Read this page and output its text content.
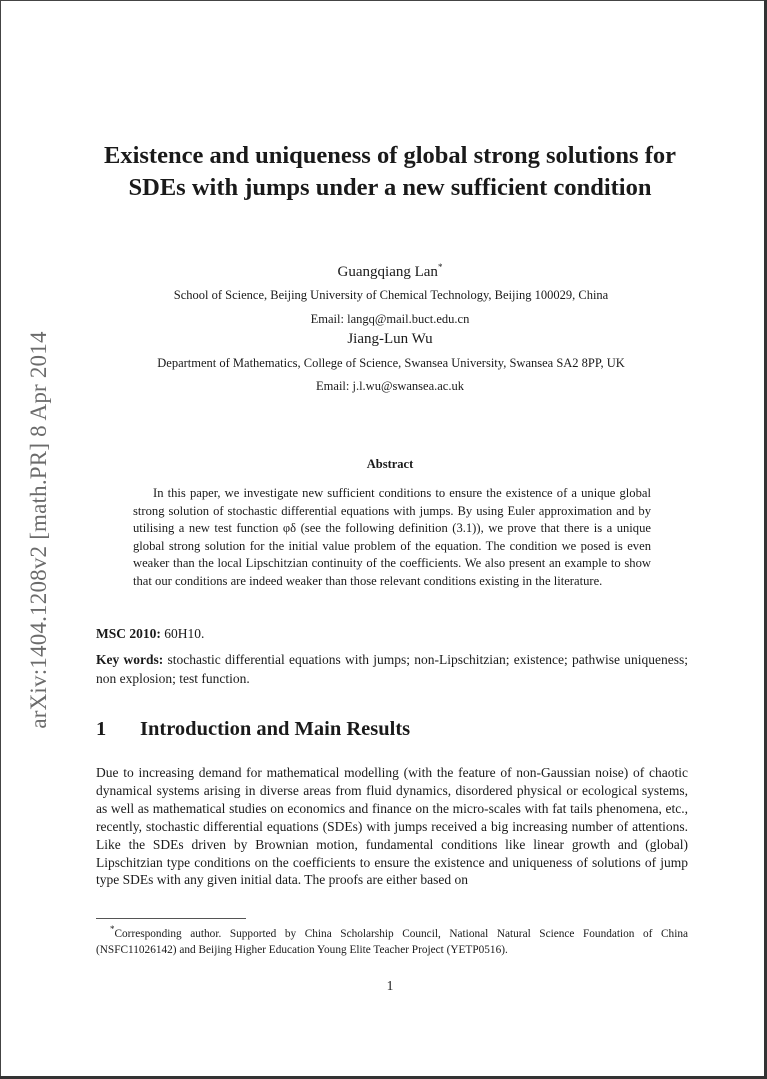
arXiv:1404.1208v2 [math.PR] 8 Apr 2014
Existence and uniqueness of global strong solutions for SDEs with jumps under a new sufficient condition
Guangqiang Lan*
School of Science, Beijing University of Chemical Technology, Beijing 100029, China
Email: langq@mail.buct.edu.cn
Jiang-Lun Wu
Department of Mathematics, College of Science, Swansea University, Swansea SA2 8PP, UK
Email: j.l.wu@swansea.ac.uk
Abstract
In this paper, we investigate new sufficient conditions to ensure the existence of a unique global strong solution of stochastic differential equations with jumps. By using Euler approximation and by utilising a new test function φδ (see the following definition (3.1)), we prove that there is a unique global strong solution for the initial value problem of the equation. The condition we posed is even weaker than the local Lipschitzian continuity of the coefficients. We also present an example to show that our conditions are indeed weaker than those relevant conditions existing in the literature.
MSC 2010: 60H10.
Key words: stochastic differential equations with jumps; non-Lipschitzian; existence; pathwise uniqueness; non explosion; test function.
1 Introduction and Main Results
Due to increasing demand for mathematical modelling (with the feature of non-Gaussian noise) of chaotic dynamical systems arising in diverse areas from fluid dynamics, disordered physical or ecological systems, as well as mathematical studies on economics and finance on the micro-scales with fat tails phenomena, etc., recently, stochastic differential equations (SDEs) with jumps received a big increasing number of attentions. Like the SDEs driven by Brownian motion, fundamental conditions like linear growth and (global) Lipschitzian type conditions on the coefficients to ensure the existence and uniqueness of solutions of jump type SDEs with any given initial data. The proofs are either based on
*Corresponding author. Supported by China Scholarship Council, National Natural Science Foundation of China (NSFC11026142) and Beijing Higher Education Young Elite Teacher Project (YETP0516).
1
